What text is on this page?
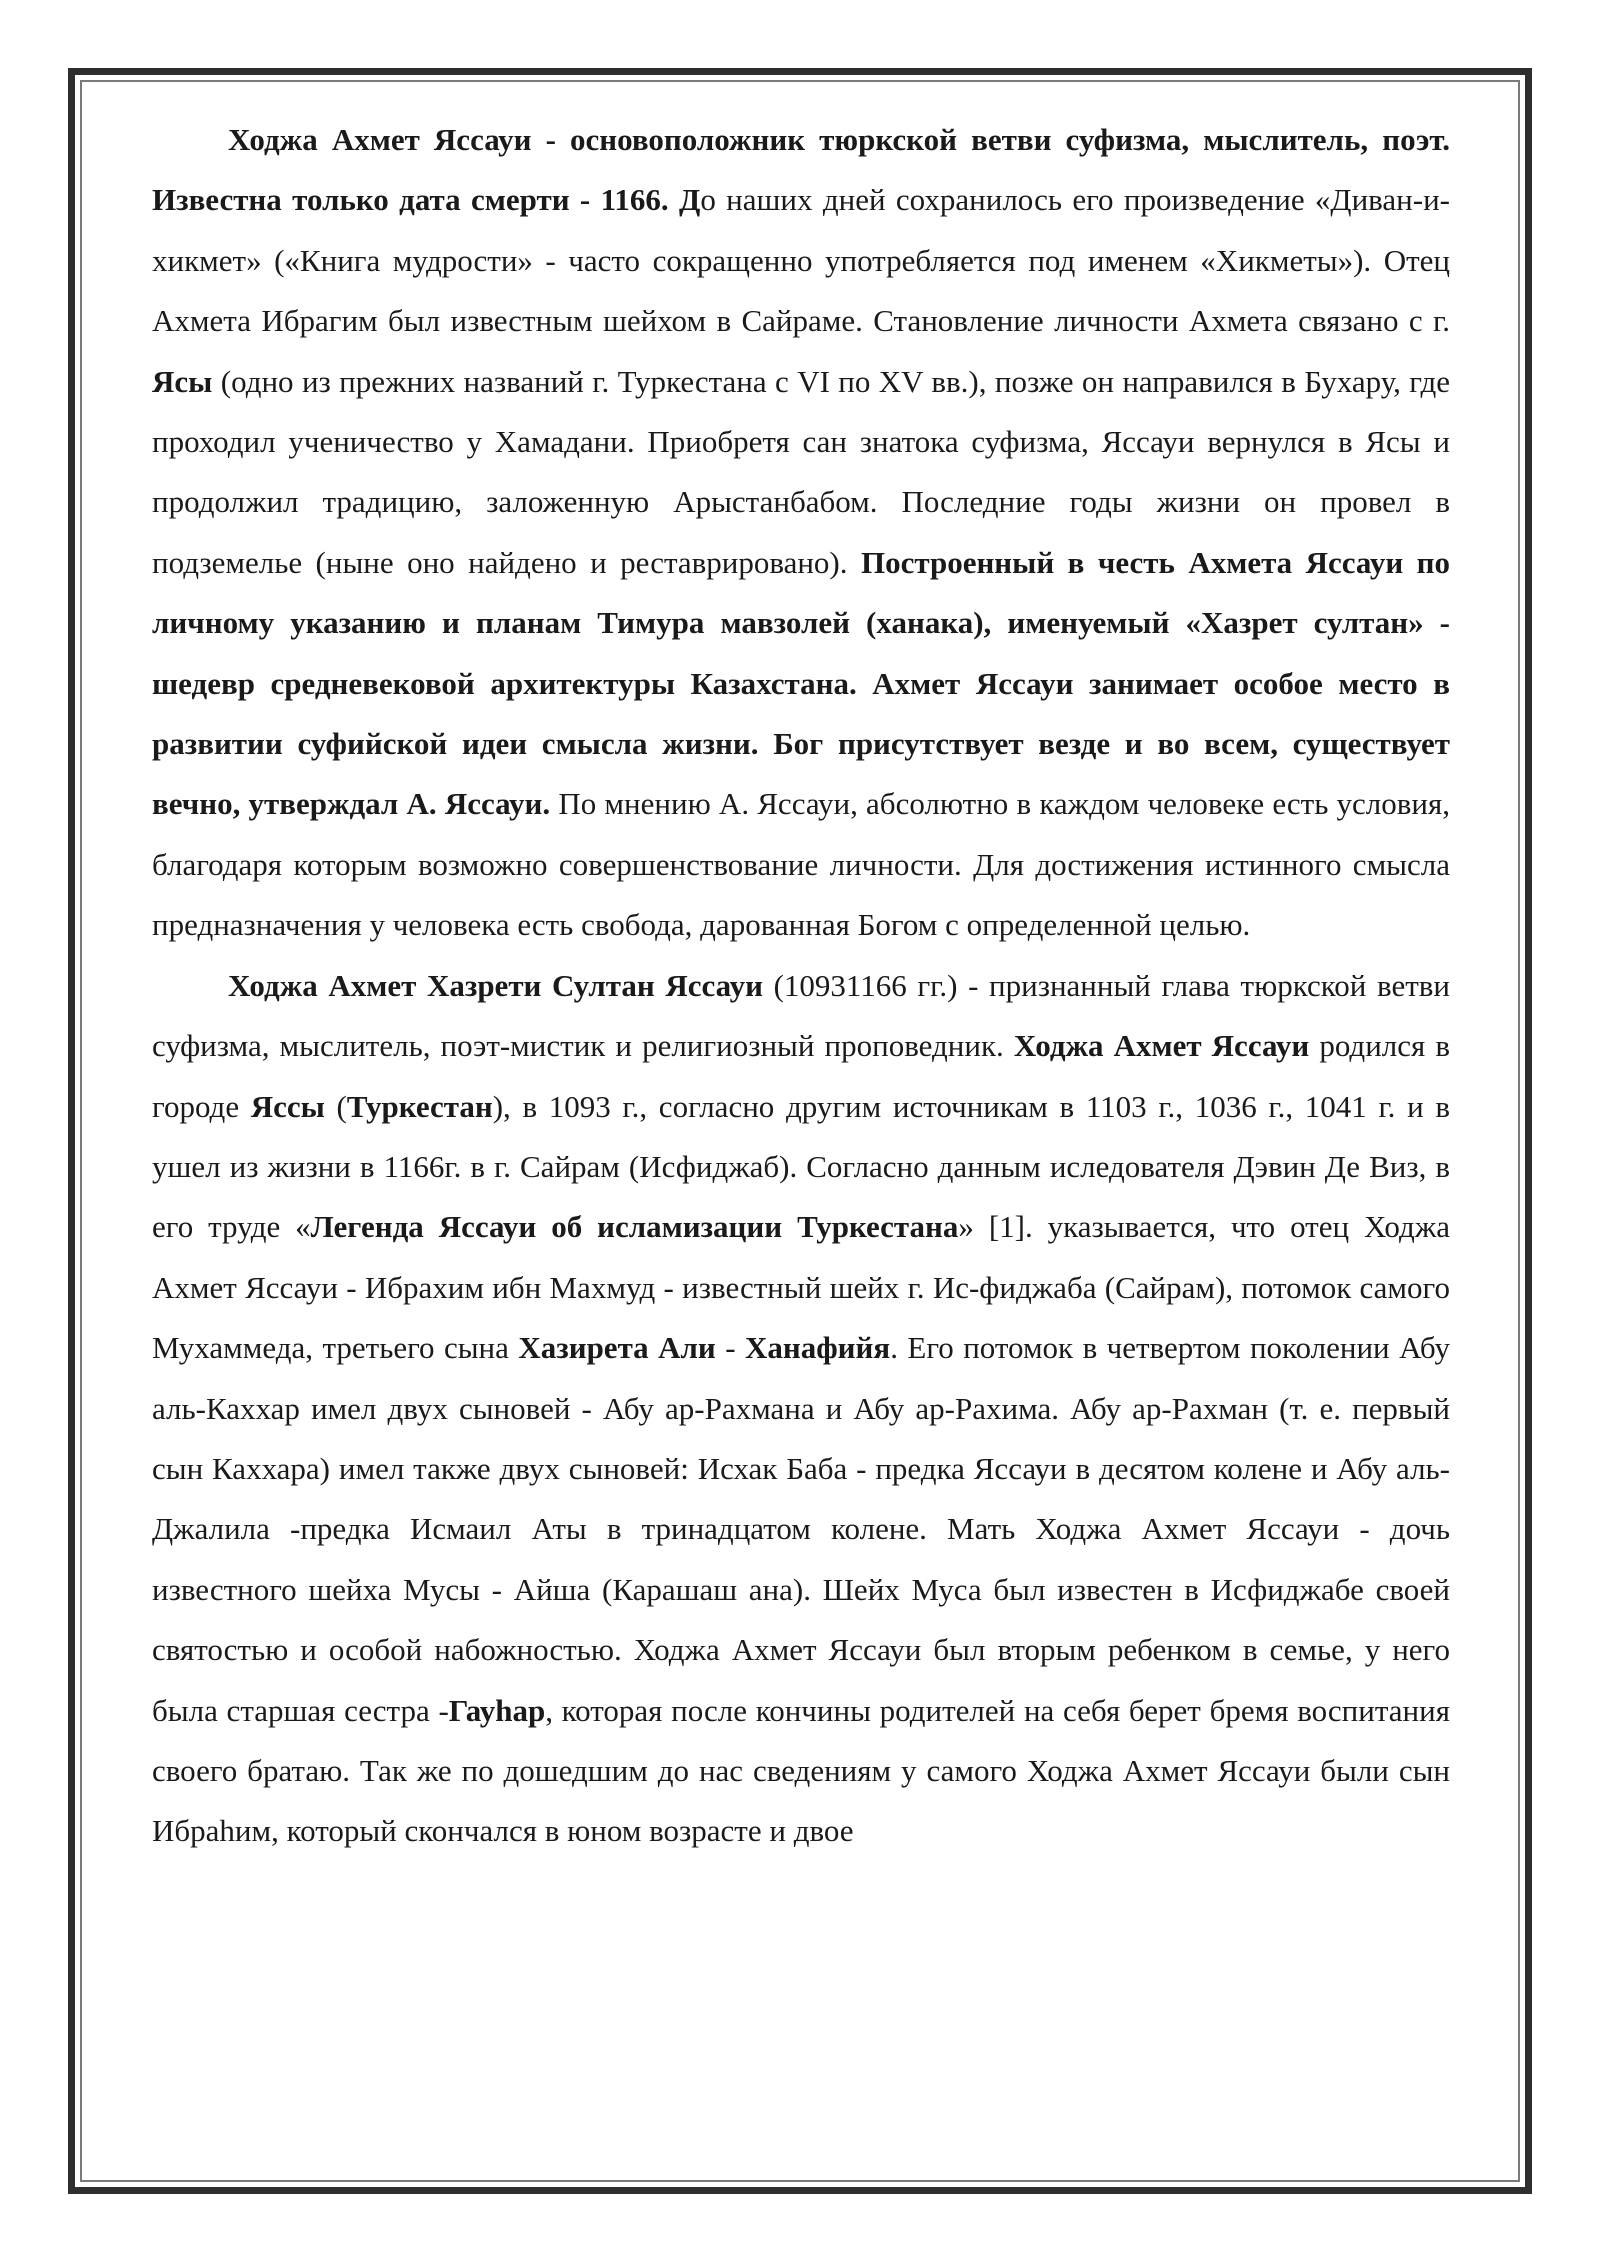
Ходжа Ахмет Яссауи - основоположник тюркской ветви суфизма, мыслитель, поэт. Известна только дата смерти - 1166. До наших дней сохранилось его произведение «Диван-и-хикмет» («Книга мудрости» - часто сокращенно употребляется под именем «Хикметы»). Отец Ахмета Ибрагим был известным шейхом в Сайраме. Становление личности Ахмета связано с г. Ясы (одно из прежних названий г. Туркестана с VI по XV вв.), позже он направился в Бухару, где проходил ученичество у Хамадани. Приобретя сан знатока суфизма, Яссауи вернулся в Ясы и продолжил традицию, заложенную Арыстанбабом. Последние годы жизни он провел в подземелье (ныне оно найдено и реставрировано). Построенный в честь Ахмета Яссауи по личному указанию и планам Тимура мавзолей (ханака), именуемый «Хазрет султан» - шедевр средневековой архитектуры Казахстана. Ахмет Яссауи занимает особое место в развитии суфийской идеи смысла жизни. Бог присутствует везде и во всем, существует вечно, утверждал А. Яссауи. По мнению А. Яссауи, абсолютно в каждом человеке есть условия, благодаря которым возможно совершенствование личности. Для достижения истинного смысла предназначения у человека есть свобода, дарованная Богом с определенной целью.

Ходжа Ахмет Хазрети Султан Яссауи (10931166 гг.) - признанный глава тюркской ветви суфизма, мыслитель, поэт-мистик и религиозный проповедник. Ходжа Ахмет Яссауи родился в городе Яссы (Туркестан), в 1093 г., согласно другим источникам в 1103 г., 1036 г., 1041 г. и в ушел из жизни в 1166г. в г. Сайрам (Исфиджаб). Согласно данным иследователя Дэвин Де Виз, в его труде «Легенда Яссауи об исламизации Туркестана» [1]. указывается, что отец Ходжа Ахмет Яссауи - Ибрахим ибн Махмуд - известный шейх г. Ис-фиджаба (Сайрам), потомок самого Мухаммеда, третьего сына Хазирета Али - Ханафийя. Его потомок в четвертом поколении Абу аль-Каххар имел двух сыновей - Абу ар-Рахмана и Абу ар-Рахима. Абу ар-Рахман (т. е. первый сын Каххара) имел также двух сыновей: Исхак Баба - предка Яссауи в десятом колене и Абу аль-Джалила -предка Исмаил Аты в тринадцатом колене. Мать Ходжа Ахмет Яссауи - дочь известного шейха Мусы - Айша (Карашаш ана). Шейх Муса был известен в Исфиджабе своей святостью и особой набожностью. Ходжа Ахмет Яссауи был вторым ребенком в семье, у него была старшая сестра -Гауhар, которая после кончины родителей на себя берет бремя воспитания своего братаю. Так же по дошедшим до нас сведениям у самого Ходжа Ахмет Яссауи были сын Ибраhим, который скончался в юном возрасте и двое
